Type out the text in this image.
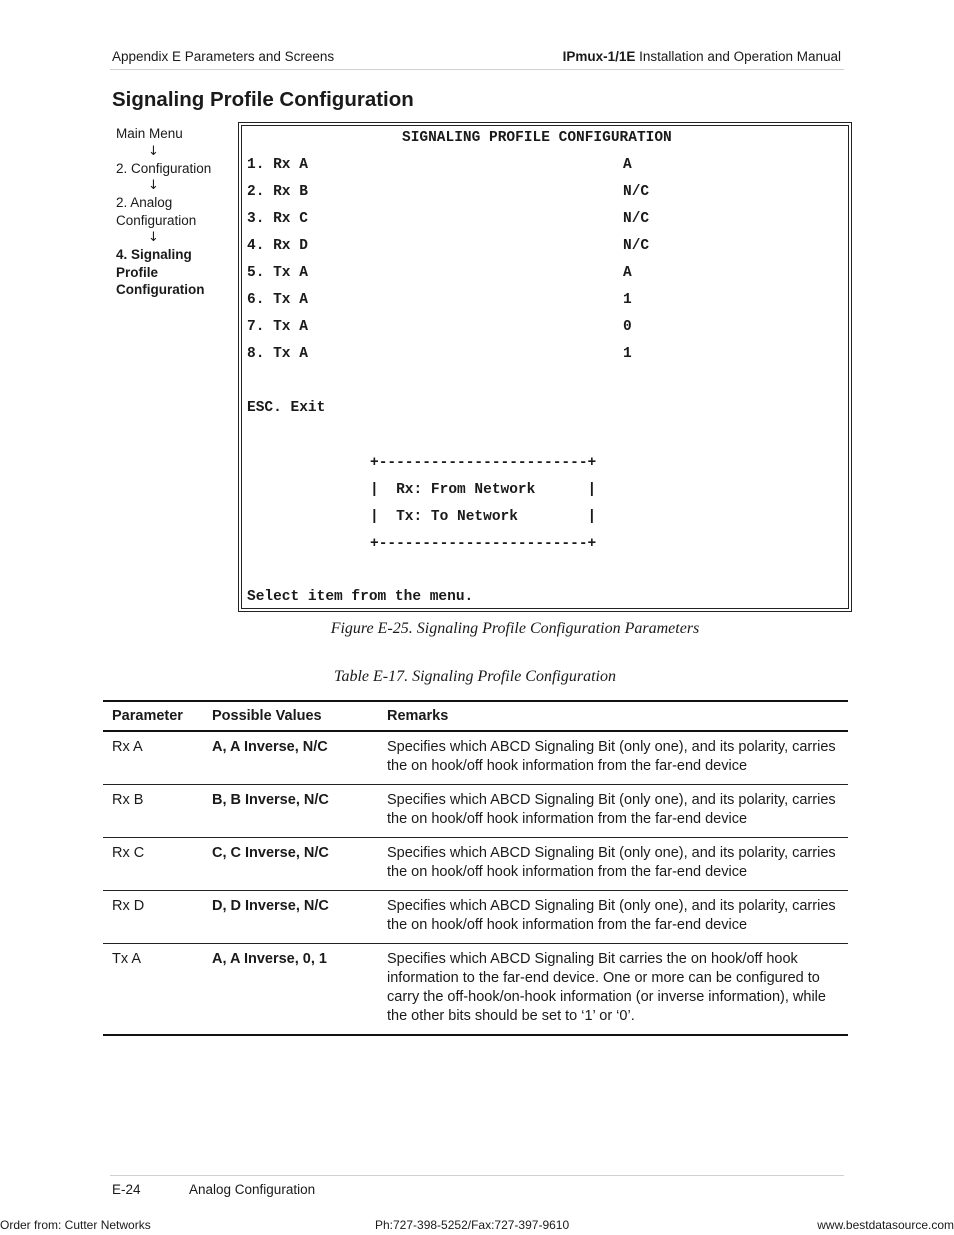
Appendix E Parameters and Screens	IPmux-1/1E Installation and Operation Manual
Signaling Profile Configuration
Main Menu
↓
2. Configuration
↓
2. Analog
Configuration
↓
4. Signaling
Profile
Configuration
SIGNALING PROFILE CONFIGURATION
1. Rx A	A
2. Rx B	N/C
3. Rx C	N/C
4. Rx D	N/C
5. Tx A	A
6. Tx A	1
7. Tx A	0
8. Tx A	1
ESC. Exit
+------------------------+
|  Rx: From Network      |
|  Tx: To Network        |
+------------------------+
Select item from the menu.
Figure E-25. Signaling Profile Configuration Parameters
Table E-17. Signaling Profile Configuration
Parameter	Possible Values	Remarks
Rx A	A, A Inverse, N/C	Specifies which ABCD Signaling Bit (only one), and its polarity, carries the on hook/off hook information from the far-end device
Rx B	B, B Inverse, N/C	Specifies which ABCD Signaling Bit (only one), and its polarity, carries the on hook/off hook information from the far-end device
Rx C	C, C Inverse, N/C	Specifies which ABCD Signaling Bit (only one), and its polarity, carries the on hook/off hook information from the far-end device
Rx D	D, D Inverse, N/C	Specifies which ABCD Signaling Bit (only one), and its polarity, carries the on hook/off hook information from the far-end device
Tx A	A, A Inverse, 0, 1	Specifies which ABCD Signaling Bit carries the on hook/off hook information to the far-end device. One or more can be configured to carry the off-hook/on-hook information (or inverse information), while the other bits should be set to ‘1’ or ‘0’.
E-24	Analog Configuration
Order from: Cutter Networks	Ph:727-398-5252/Fax:727-397-9610	www.bestdatasource.com
